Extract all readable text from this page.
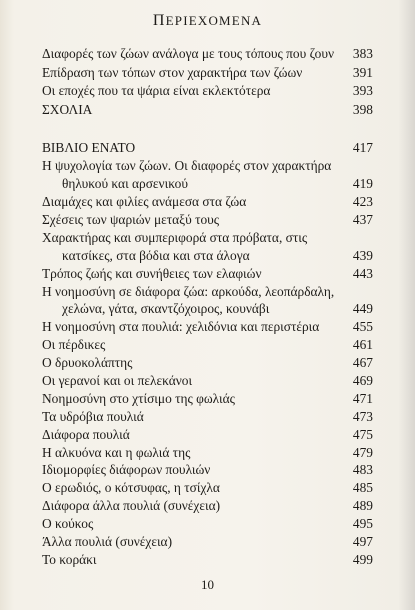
ΠΕΡΙΕΧΟΜΕΝΑ
Διαφορές των ζώων ανάλογα με τους τόπους που ζουν 383
Επίδραση των τόπων στον χαρακτήρα των ζώων	391
Οι εποχές που τα ψάρια είναι εκλεκτότερα	393
ΣΧΟΛΙΑ	398
ΒΙΒΛΙΟ ΕΝΑΤΟ	417
Η ψυχολογία των ζώων. Οι διαφορές στον χαρακτήρα
θηλυκού και αρσενικού	419
Διαμάχες και φιλίες ανάμεσα στα ζώα	423
Σχέσεις των ψαριών μεταξύ τους	437
Χαρακτήρας και συμπεριφορά στα πρόβατα, στις
κατσίκες, στα βόδια και στα άλογα	439
Τρόπος ζωής και συνήθειες των ελαφιών	443
Η νοημοσύνη σε διάφορα ζώα: αρκούδα, λεοπάρδαλη,
χελώνα, γάτα, σκαντζόχοιρος, κουνάβι	449
Η νοημοσύνη στα πουλιά: χελιδόνια και περιστέρια	455
Οι πέρδικες	461
Ο δρυοκολάπτης	467
Οι γερανοί και οι πελεκάνοι	469
Νοημοσύνη στο χτίσιμο της φωλιάς	471
Τα υδρόβια πουλιά	473
Διάφορα πουλιά	475
Η αλκυόνα και η φωλιά της	479
Ιδιομορφίες διάφορων πουλιών	483
Ο ερωδιός, ο κότσυφας, η τσίχλα	485
Διάφορα άλλα πουλιά (συνέχεια)	489
Ο κούκος	495
Άλλα πουλιά (συνέχεια)	497
Το κοράκι	499
10
